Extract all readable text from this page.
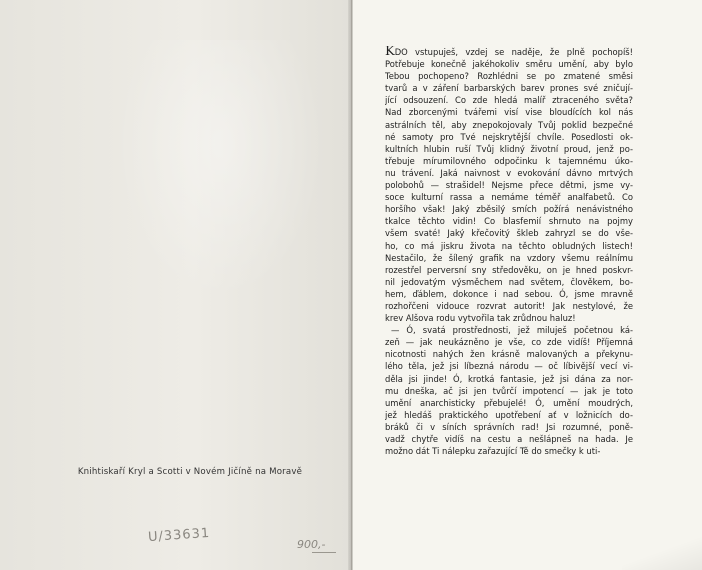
Knihtiskaří Kryl a Scotti v Novém Jičíně na Moravě
U/33631	900,-
KDO vstupuješ, vzdej se naděje, že plně pochopíš!
Potřebuje konečně jakéhokoliv směru umění, aby bylo
Tebou pochopeno? Rozhlédni se po zmatené směsi
tvarů a v záření barbarských barev prones své zničují-
jící odsouzení. Co zde hledá malíř ztraceného světa?
Nad zborcenými tvářemi visí vise bloudících kol nás
astrálních těl, aby znepokojovaly Tvůj poklid bezpečné
né samoty pro Tvé nejskrytější chvíle. Posedlosti ok-
kultních hlubin ruší Tvůj klidný životní proud, jenž po-
třebuje mírumilovného odpočinku k tajemnému úko-
nu trávení. Jaká naivnost v evokování dávno mrtvých
polobohů — strašidel! Nejsme přece dětmi, jsme vy-
soce kulturní rassa a nemáme téměř analfabetů. Co
horšího však! Jaký zběsilý smích požírá nenávistného
tkalce těchto vidin! Co blasfemií shrnuto na pojmy
všem svaté! Jaký křečovitý škleb zahryzl se do vše-
ho, co má jiskru života na těchto obludných listech!
Nestačilo, že šílený grafik na vzdory všemu reálnímu
rozestřel perversní sny středověku, on je hned poskvr-
nil jedovatým výsměchem nad světem, člověkem, bo-
hem, ďáblem, dokonce i nad sebou. Ó, jsme mravně
rozhořčeni vidouce rozvrat autorit! Jak nestylové, že
krev Alšova rodu vytvořila tak zrůdnou haluz!
— Ó, svatá prostřednosti, jež miluješ početnou ká-
zeň — jak neukázněno je vše, co zde vidíš! Příjemná
nicotnosti nahých žen krásně malovaných a překynu-
lého těla, jež jsi líbezná národu — oč líbivější vecí vi-
děla jsi jinde! Ó, krotká fantasie, jež jsi dána za nor-
mu dneška, ač jsi jen tvůrčí impotencí — jak je toto
umění anarchisticky přebujelé! Ó, umění moudrých,
jež hledáš praktického upotřebení ať v ložnicích do-
bráků či v síních správních rad! Jsi rozumné, poně-
vadž chytře vidíš na cestu a nešlápneš na hada. Je
možno dát Ti nálepku zařazující Tě do smečky k uti-
